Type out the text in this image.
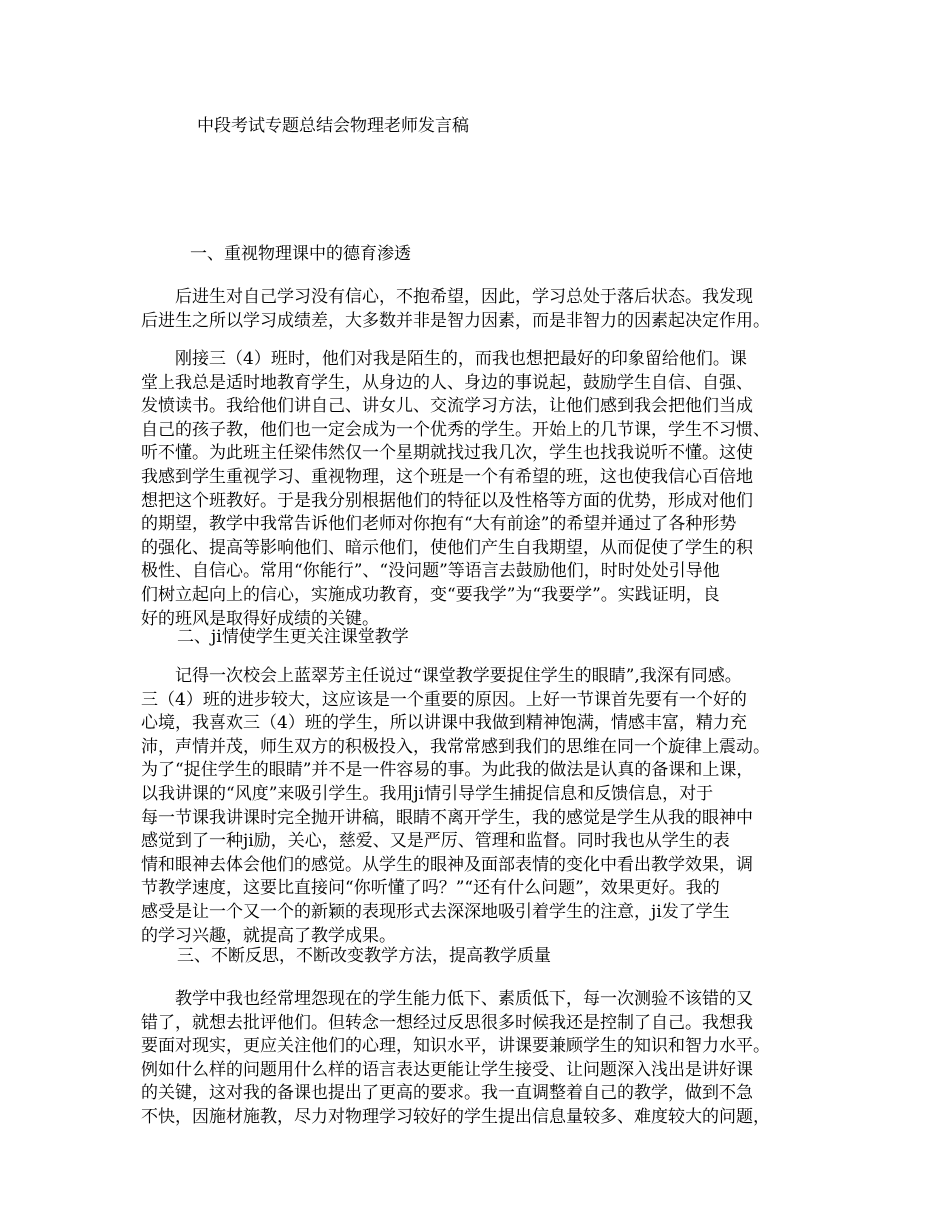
中段考试专题总结会物理老师发言稿
一、重视物理课中的德育渗透
　　后进生对自己学习没有信心，不抱希望，因此，学习总处于落后状态。我发现
后进生之所以学习成绩差，大多数并非是智力因素，而是非智力的因素起决定作用。
　　刚接三（4）班时，他们对我是陌生的，而我也想把最好的印象留给他们。课
堂上我总是适时地教育学生，从身边的人、身边的事说起，鼓励学生自信、自强、
发愤读书。我给他们讲自己、讲女儿、交流学习方法，让他们感到我会把他们当成
自己的孩子教，他们也一定会成为一个优秀的学生。开始上的几节课，学生不习惯、
听不懂。为此班主任梁伟然仅一个星期就找过我几次，学生也找我说听不懂。这使
我感到学生重视学习、重视物理，这个班是一个有希望的班，这也使我信心百倍地
想把这个班教好。于是我分别根据他们的特征以及性格等方面的优势，形成对他们
的期望，教学中我常告诉他们老师对你抱有“大有前途”的希望并通过了各种形势
的强化、提高等影响他们、暗示他们，使他们产生自我期望，从而促使了学生的积
极性、自信心。常用“你能行”、“没问题”等语言去鼓励他们，时时处处引导他
们树立起向上的信心，实施成功教育，变“要我学”为“我要学”。实践证明，良
好的班风是取得好成绩的关键。
二、ji情使学生更关注课堂教学
　　记得一次校会上蓝翠芳主任说过“课堂教学要捉住学生的眼睛”,我深有同感。
三（4）班的进步较大，这应该是一个重要的原因。上好一节课首先要有一个好的
心境，我喜欢三（4）班的学生，所以讲课中我做到精神饱满，情感丰富，精力充
沛，声情并茂，师生双方的积极投入，我常常感到我们的思维在同一个旋律上震动。
为了“捉住学生的眼睛”并不是一件容易的事。为此我的做法是认真的备课和上课，
以我讲课的“风度”来吸引学生。我用ji情引导学生捕捉信息和反馈信息，对于
每一节课我讲课时完全抛开讲稿，眼睛不离开学生，我的感觉是学生从我的眼神中
感觉到了一种ji励，关心，慈爱、又是严厉、管理和监督。同时我也从学生的表
情和眼神去体会他们的感觉。从学生的眼神及面部表情的变化中看出教学效果，调
节教学速度，这要比直接问“你听懂了吗？”“还有什么问题”，效果更好。我的
感受是让一个又一个的新颖的表现形式去深深地吸引着学生的注意，ji发了学生
的学习兴趣，就提高了教学成果。
三、不断反思，不断改变教学方法，提高教学质量
　　教学中我也经常埋怨现在的学生能力低下、素质低下，每一次测验不该错的又
错了，就想去批评他们。但转念一想经过反思很多时候我还是控制了自己。我想我
要面对现实，更应关注他们的心理，知识水平，讲课要兼顾学生的知识和智力水平。
例如什么样的问题用什么样的语言表达更能让学生接受、让问题深入浅出是讲好课
的关键，这对我的备课也提出了更高的要求。我一直调整着自己的教学，做到不急
不快，因施材施教，尽力对物理学习较好的学生提出信息量较多、难度较大的问题，
